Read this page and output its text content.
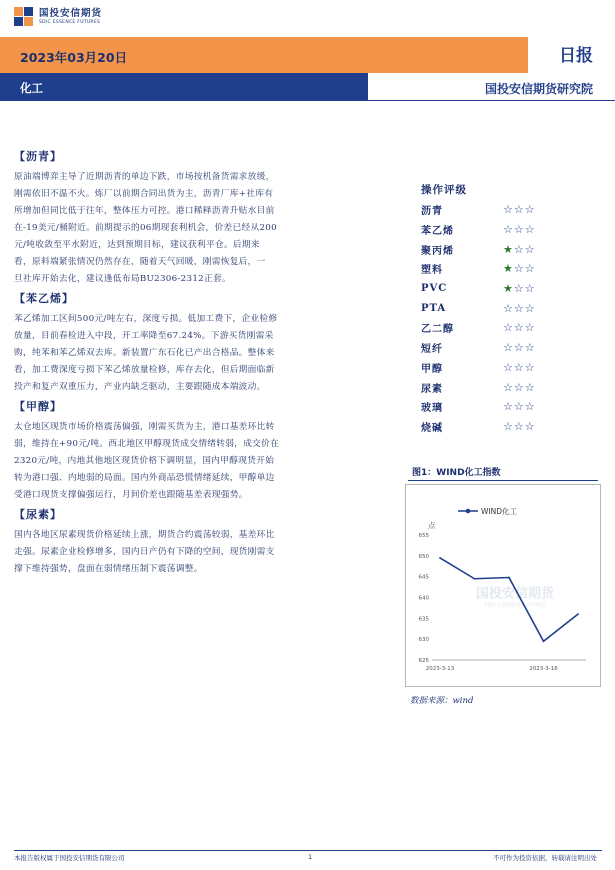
国投安信期货
SDIC ESSENCE FUTURES
2023年03月20日	日报
化工	国投安信期货研究院
【沥青】
原油端博弈主导了近期沥青的单边下跌，市场按机备货需求放缓，
刚需依旧不温不火。炼厂以前期合同出货为主，沥青厂库+社库有
所增加但同比低于往年，整体压力可控。港口稀释沥青升贴水目前
在-19美元/桶附近。前期提示的06期现套利机会，价差已经从200
元/吨收敛至平水附近，达到预期目标，建议获利平仓。后期来
看，原料端紧张情况仍然存在，随着天气回暖，刚需恢复后，一
旦社库开始去化，建议逢低布局BU2306-2312正套。
【苯乙烯】
苯乙烯加工区间500元/吨左右，深度亏损。低加工费下，企业检修
放量，目前春检进入中段，开工率降至67.24%。下游买货刚需采
购，纯苯和苯乙烯双去库。新装置广东石化已产出合格品。整体来
看，加工费深度亏损下苯乙烯放量检修，库存去化，但后期面临新
投产和复产双重压力，产业内缺乏驱动，主要跟随成本端波动。
【甲醇】
太仓地区现货市场价格震荡偏强，刚需买货为主，港口基差环比转
弱，维持在+90元/吨。西北地区甲醇现货成交情绪转弱，成交价在
2320元/吨，内地其他地区现货价格下调明显，国内甲醇现货开始
转为港口强、内地弱的局面。国内外商品恐慌情绪延续，甲醇单边
受港口现货支撑偏强运行，月间价差也跟随基差表现强势。
【尿素】
国内各地区尿素现货价格延续上涨，期货合约震荡较弱，基差环比
走强。尿素企业检修增多，国内日产仍有下降的空间，现货刚需支
撑下维持强势，盘面在弱情绪压制下震荡调整。
操作评级
沥青	☆ ☆ ☆
苯乙烯	☆ ☆ ☆
聚丙烯	★ ☆ ☆
塑料	★ ☆ ☆
PVC	★ ☆ ☆
PTA	☆ ☆ ☆
乙二醇	☆ ☆ ☆
短纤	☆ ☆ ☆
甲醇	☆ ☆ ☆
尿素	☆ ☆ ☆
玻璃	☆ ☆ ☆
烧碱	☆ ☆ ☆
图1：WIND化工指数
国投安信期货
SDIC ESSENCE FUTURES
WIND化工
点
625
630
635
640
645
650
655
2023-3-13	2023-3-16
数据来源：wind
本报告版权属于国投安信期货有限公司	1	不可作为投资依据，转载请注明出处
